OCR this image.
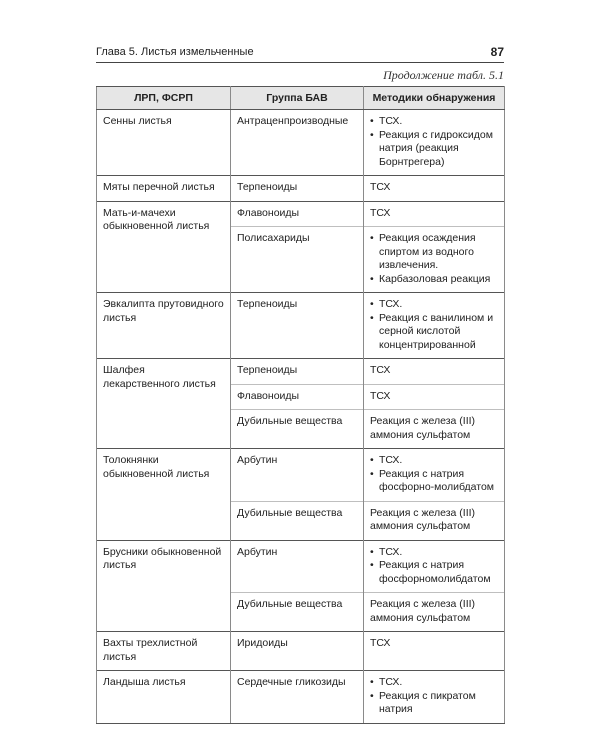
Глава 5. Листья измельченные	87
Продолжение табл. 5.1
ЛРП, ФСРП	Группа БАВ	Методики обнаружения
Сенны листья	Антраценпроизводные	• ТСХ.
• Реакция с гидроксидом натрия (реакция Борнтрегера)

Мяты перечной листья	Терпеноиды	ТСХ

Мать-и-мачехи обыкновенной листья	Флавоноиды	ТСХ

	Полисахариды	• Реакция осаждения спиртом из водного извлечения.
• Карбазоловая реакция

Эвкалипта прутовидного листья	Терпеноиды	• ТСХ.
• Реакция с ванилином и серной кислотой концентрированной

Шалфея лекарственного листья	Терпеноиды	ТСХ

	Флавоноиды	ТСХ

	Дубильные вещества	Реакция с железа (III) аммония сульфатом

Толокнянки обыкновенной листья	Арбутин	• ТСХ.
• Реакция с натрия фосфорно-молибдатом

	Дубильные вещества	Реакция с железа (III) аммония сульфатом

Брусники обыкновенной листья	Арбутин	• ТСХ.
• Реакция с натрия фосфорномолибдатом

	Дубильные вещества	Реакция с железа (III) аммония сульфатом

Вахты трехлистной листья	Иридоиды	ТСХ

Ландыша листья	Сердечные гликозиды	• ТСХ.
• Реакция с пикратом натрия
